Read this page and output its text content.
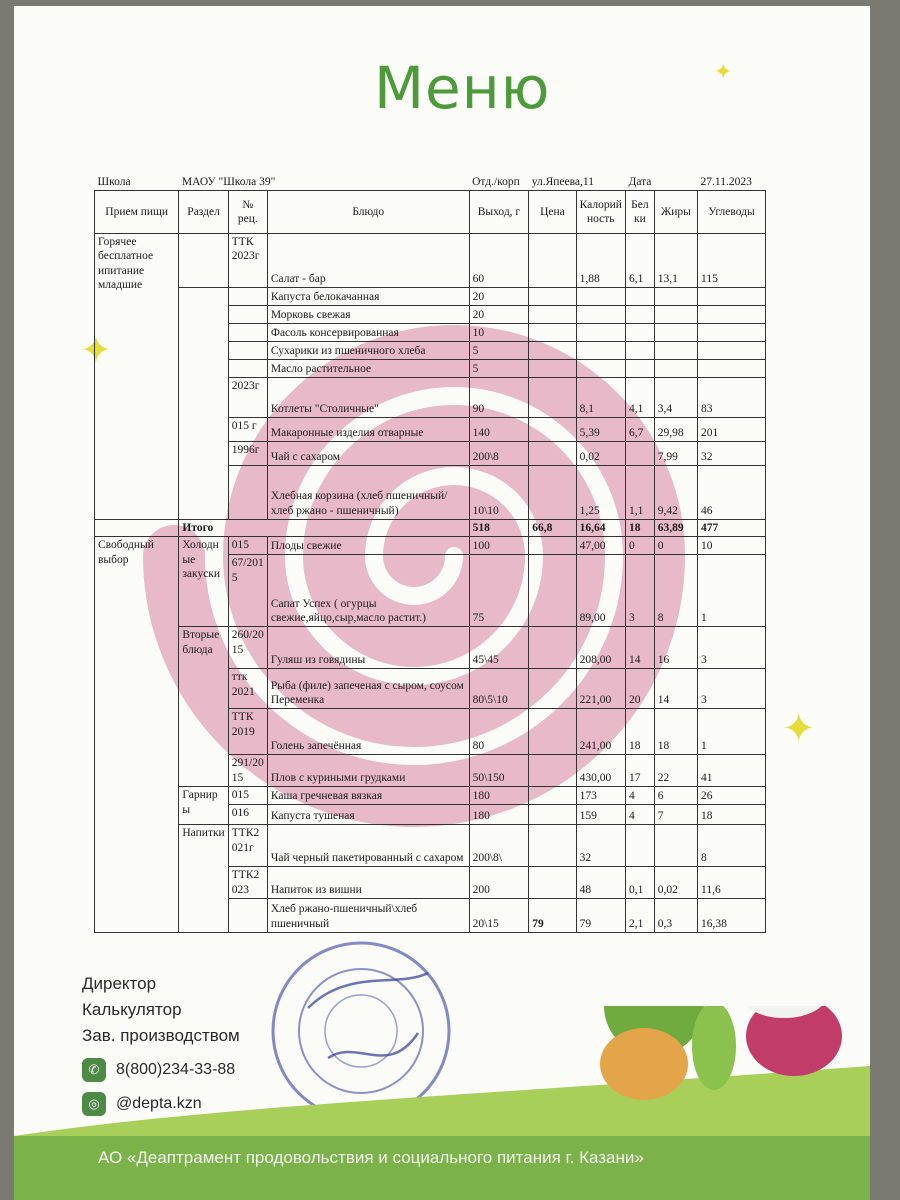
Меню	✦
✦
✦
Школа	МАОУ "Школа 39"			Отд./корп	ул.Япеева,11		Дата		27.11.2023
Прием пищи	Раздел	№ рец.	Блюдо	Выход, г	Цена	Калорийность	Белки	Жиры	Углеводы
Горячее бесплатное ипитание младшие		ТТК 2023г	Салат - бар	60		1,88	6,1	13,1	115
			Капуста белокачанная	20					
			Морковь свежая	20					
			Фасоль консервированная	10					
			Сухарики из пшеничного хлеба	5					
			Масло растительное	5					
		2023г	Котлеты "Столичные"	90		8,1	4,1	3,4	83
		015 г	Макаронные изделия отварные	140		5,39	6,7	29,98	201
		1996г	Чай с сахаром	200\8		0,02		7,99	32
			Хлебная корзина (хлеб пшеничный/хлеб ржано - пшеничный)	10\10		1,25	1,1	9,42	46
	Итого			518	66,8	16,64	18	63,89	477
Свободный выбор	Холодные закуски	015	Плоды свежие	100		47,00	0	0	10
		67/2015	Сапат Успех ( огурцы свежие,яйцо,сыр,масло растит.)	75		89,00	3	8	1
	Вторые блюда	260/2015	Гуляш из говядины	45\45		208,00	14	16	3
		ттк 2021	Рыба (филе) запеченая с сыром, соусом Переменка	80\5\10		221,00	20	14	3
		ТТК 2019	Голень запечённая	80		241,00	18	18	1
		291/2015	Плов с куриными грудками	50\150		430,00	17	22	41
	Гарниры	015	Каша гречневая вязкая	180		173	4	6	26
		016	Капуста тушеная	180		159	4	7	18
	Напитки	ТТК2021г	Чай черный пакетированный с сахаром	200\8\		32			8
		ТТК2023	Напиток из вишни	200		48	0,1	0,02	11,6
			Хлеб ржано-пшеничный\хлеб пшеничный	20\15	79	79	2,1	0,3	16,38
Директор
Калькулятор
Зав. производством
✆ 8(800)234-33-88
◎ @depta.kzn
АО «Деаптрамент продовольствия и социального питания г. Казани»
